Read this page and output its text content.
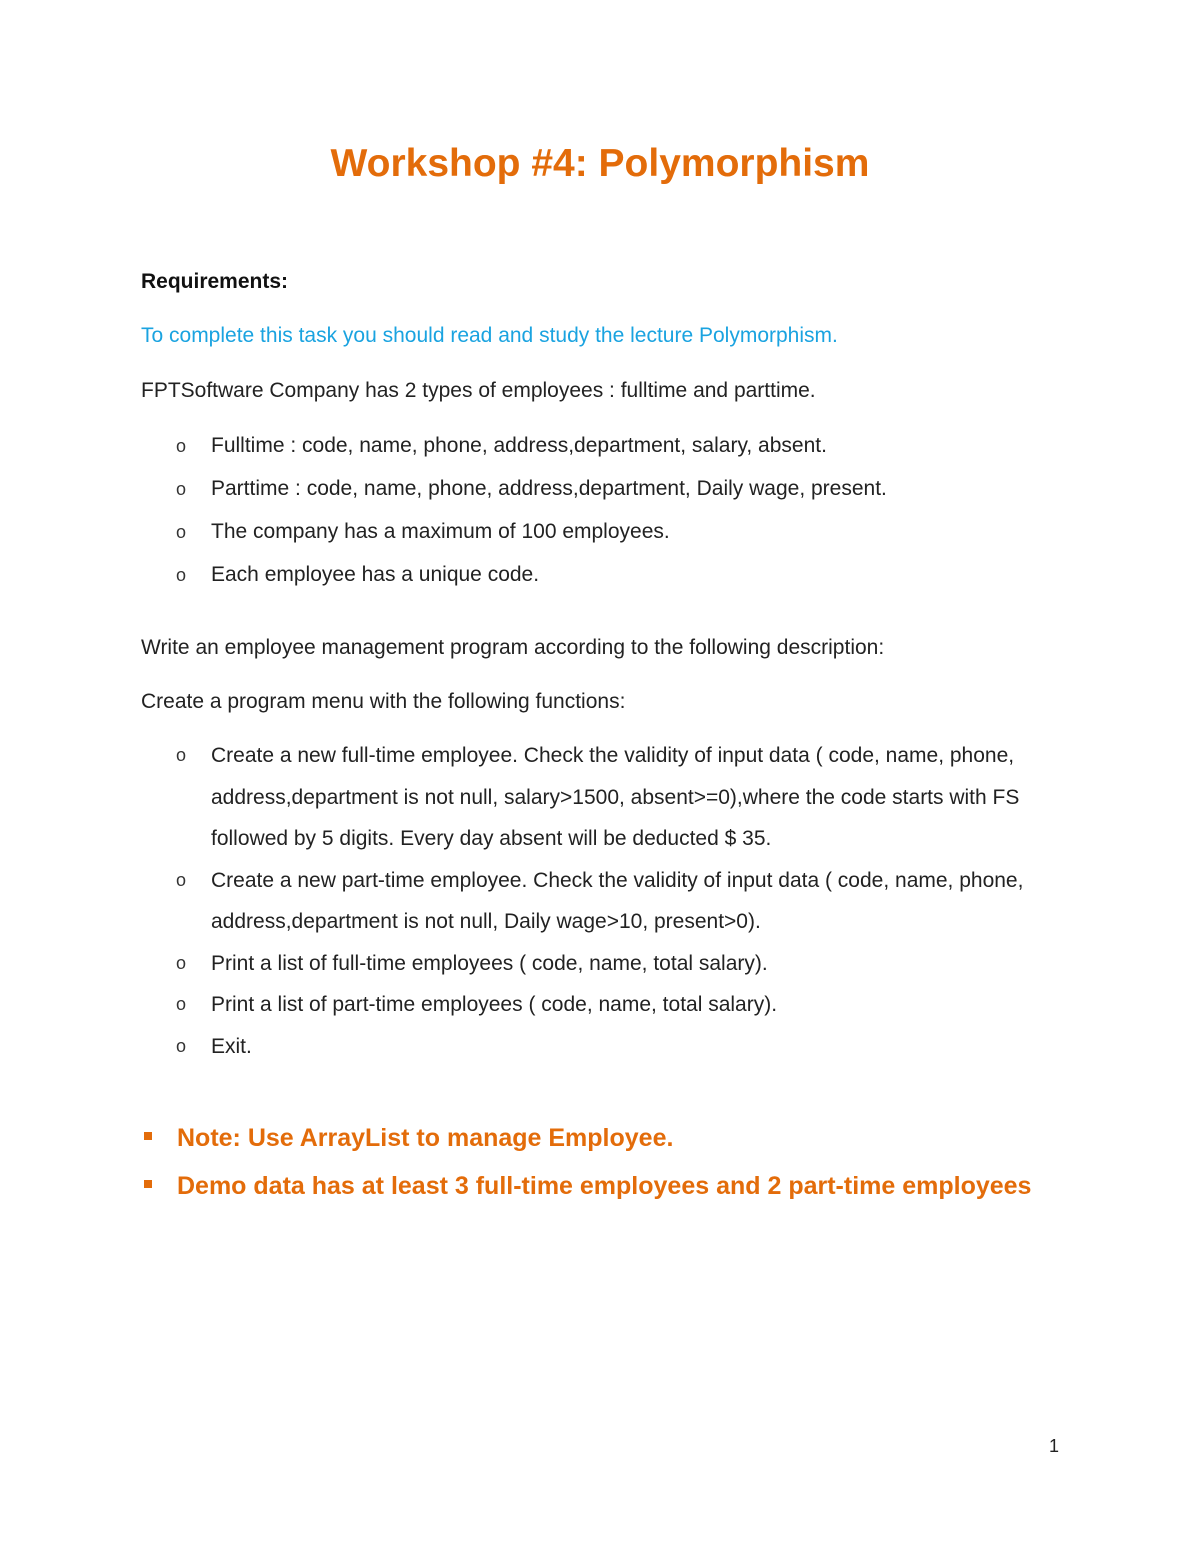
Workshop #4: Polymorphism
Requirements:
To complete this task you should read and study the lecture Polymorphism.
FPTSoftware Company has 2 types of employees : fulltime and parttime.
o Fulltime : code, name, phone, address,department, salary, absent.
o Parttime : code, name, phone, address,department, Daily wage, present.
o The company has a maximum of 100 employees.
o Each employee has a unique code.
Write an employee management program according to the following description:
Create a program menu with the following functions:
o Create a new full-time employee. Check the validity of input data ( code, name, phone, address,department is not null, salary>1500, absent>=0),where the code starts with FS followed by 5 digits. Every day absent will be deducted $ 35.
o Create a new part-time employee. Check the validity of input data ( code, name, phone, address,department is not null, Daily wage>10, present>0).
o Print a list of full-time employees ( code, name, total salary).
o Print a list of part-time employees ( code, name, total salary).
o Exit.
Note: Use ArrayList to manage Employee.
Demo data has at least 3 full-time employees and 2 part-time employees
1
